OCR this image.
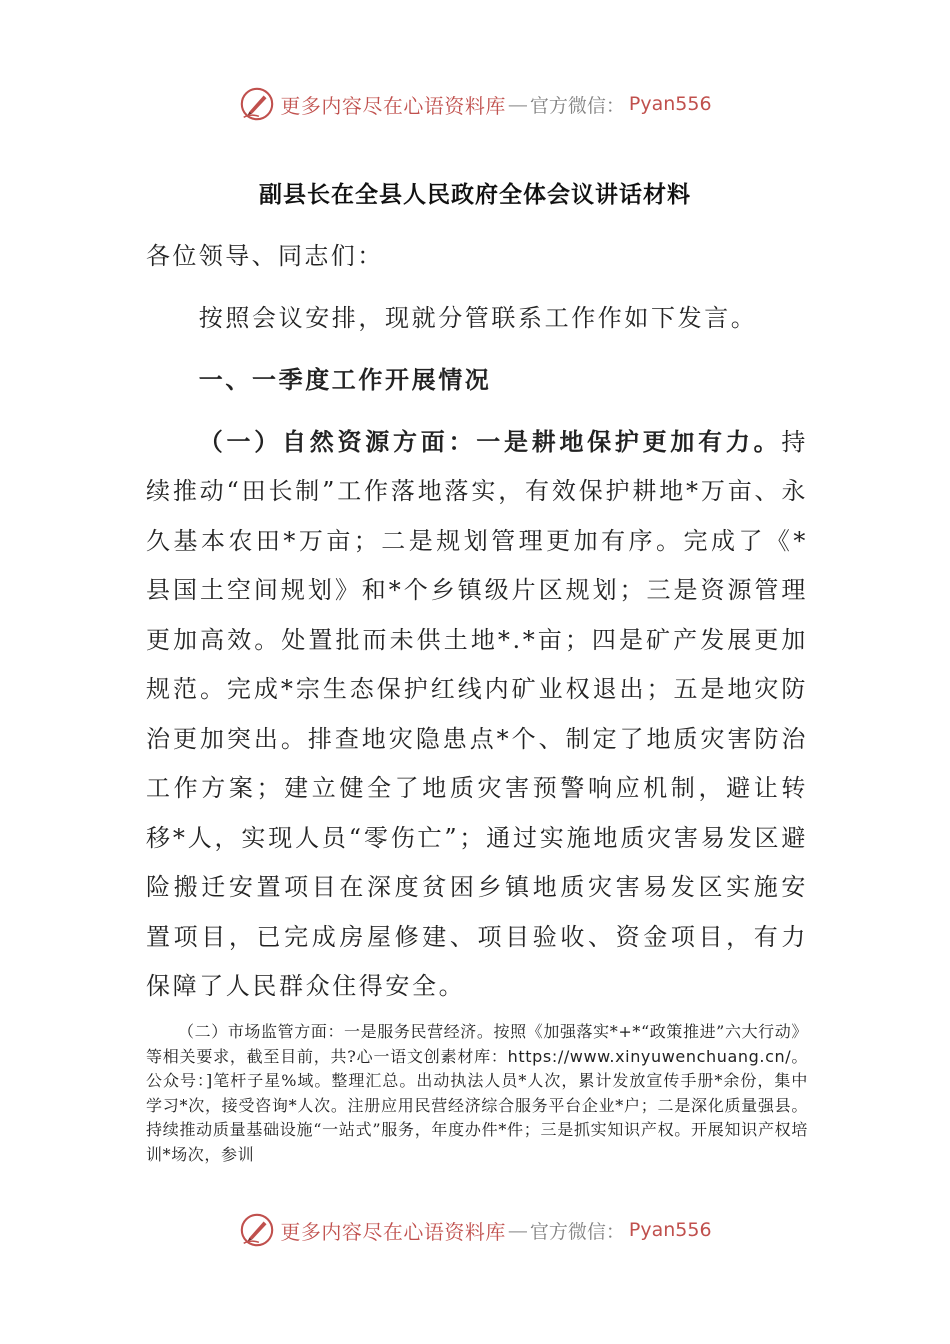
更多内容尽在心语资料库 — 官方微信： Pyan556
副县长在全县人民政府全体会议讲话材料

各位领导、同志们：

按照会议安排，现就分管联系工作作如下发言。

一、一季度工作开展情况

（一）自然资源方面：一是耕地保护更加有力。持续推动“田长制”工作落地落实，有效保护耕地*万亩、永久基本农田*万亩；二是规划管理更加有序。完成了《*县国土空间规划》和*个乡镇级片区规划；三是资源管理更加高效。处置批而未供土地*.*亩；四是矿产发展更加规范。完成*宗生态保护红线内矿业权退出；五是地灾防治更加突出。排查地灾隐患点*个、制定了地质灾害防治工作方案；建立健全了地质灾害预警响应机制，避让转移*人，实现人员“零伤亡”；通过实施地质灾害易发区避险搬迁安置项目在深度贫困乡镇地质灾害易发区实施安置项目，已完成房屋修建、项目验收、资金项目，有力保障了人民群众住得安全。

（二）市场监管方面：一是服务民营经济。按照《加强落实*+*“政策推进”六大行动》等相关要求，截至目前，共?心一语文创素材库：https://www.xinyuwenchuang.cn/。公众号：]笔杆子星%域。整理汇总。出动执法人员*人次，累计发放宣传手册*余份，集中学习*次，接受咨询*人次。注册应用民营经济综合服务平台企业*户；二是深化质量强县。持续推动质量基础设施“一站式”服务，年度办件*件；三是抓实知识产权。开展知识产权培训*场次，参训

更多内容尽在心语资料库 — 官方微信： Pyan556
